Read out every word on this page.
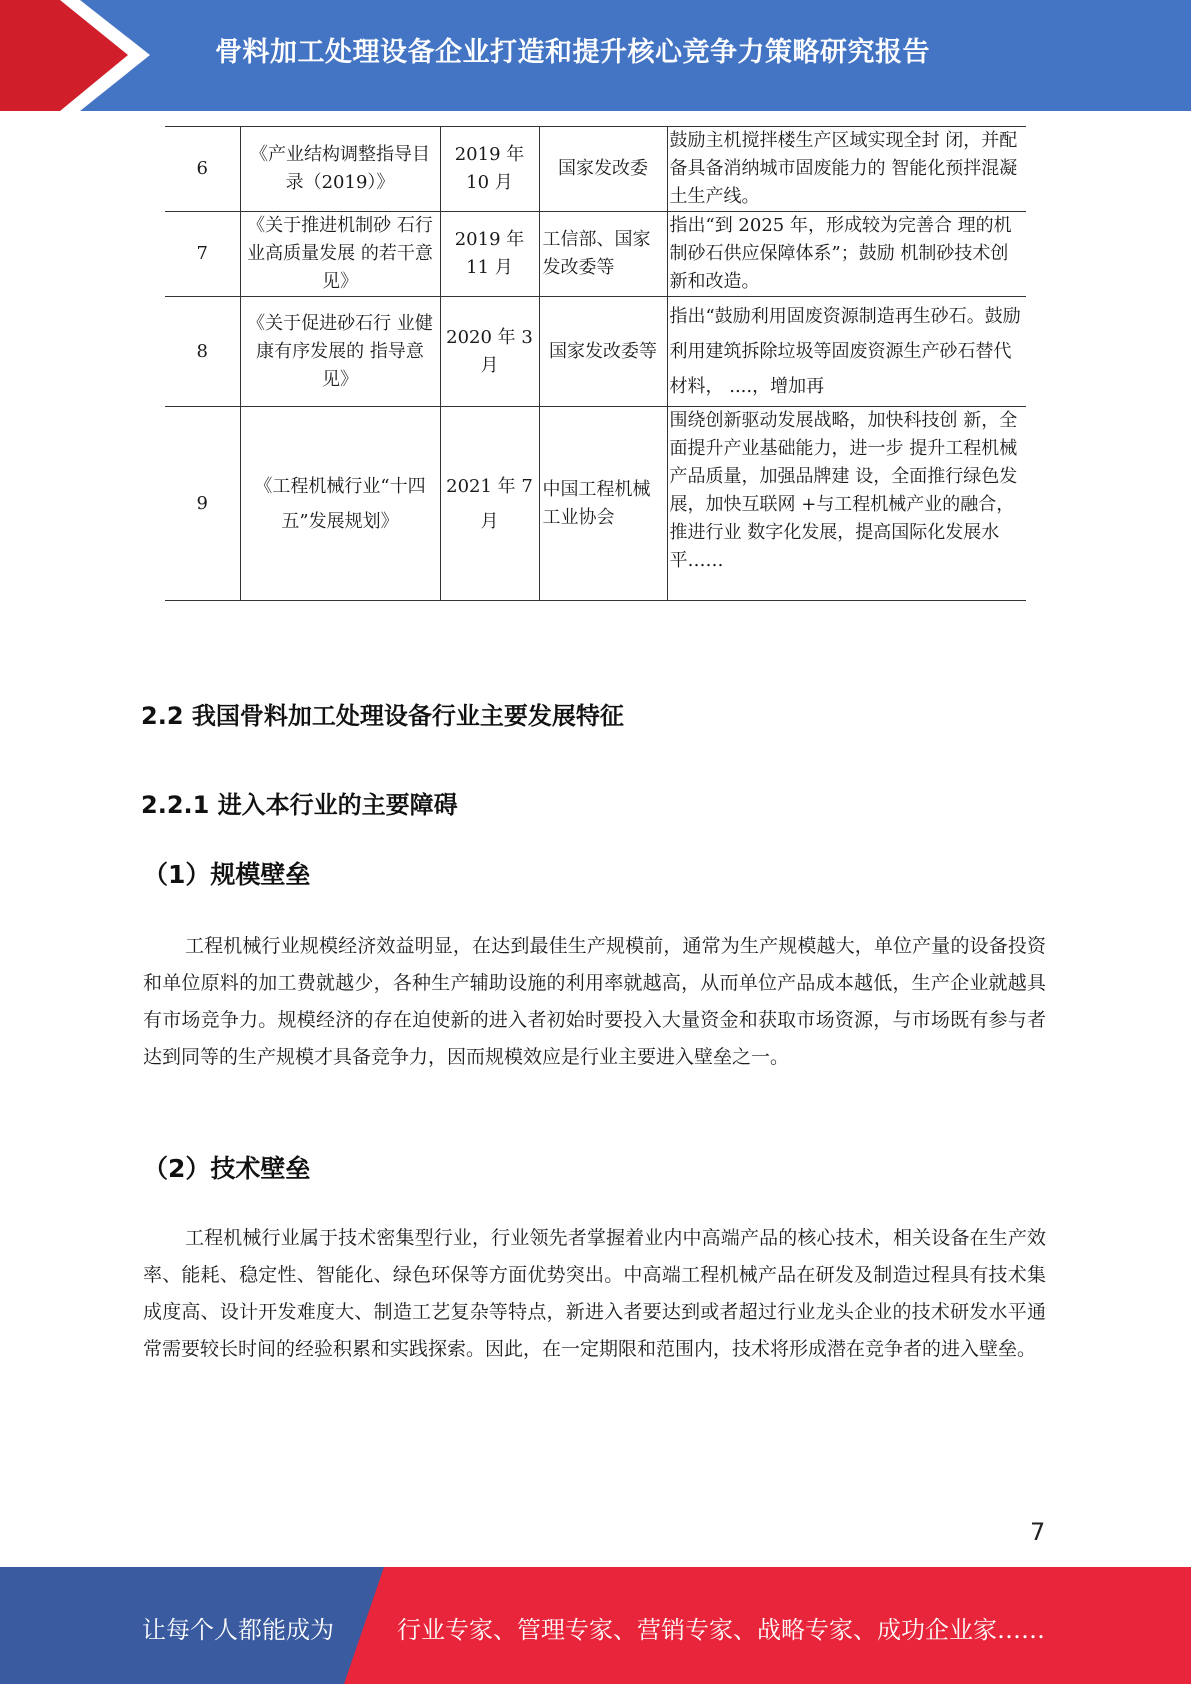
骨料加工处理设备企业打造和提升核心竞争力策略研究报告
6	《产业结构调整指导目录（2019）》	2019 年 10 月	国家发改委	鼓励主机搅拌楼生产区域实现全封 闭，并配备具备消纳城市固废能力的 智能化预拌混凝土生产线。
7	《关于推进机制砂 石行业高质量发展 的若干意见》	2019 年 11 月	工信部、国家发改委等	指出“到 2025 年，形成较为完善合 理的机制砂石供应保障体系”；鼓励 机制砂技术创新和改造。
8	《关于促进砂石行 业健康有序发展的 指导意见》	2020 年 3 月	国家发改委等	指出“鼓励利用固废资源制造再生砂石。鼓励利用建筑拆除垃圾等固废资源生产砂石替代材料， ....，增加再
9	《工程机械行业“十四五”发展规划》	2021 年 7 月	中国工程机械工业协会	围绕创新驱动发展战略，加快科技创 新，全面提升产业基础能力，进一步 提升工程机械产品质量，加强品牌建 设，全面推行绿色发展，加快互联网 +与工程机械产业的融合，推进行业 数字化发展，提高国际化发展水 平……
2.2 我国骨料加工处理设备行业主要发展特征
2.2.1 进入本行业的主要障碍
（1）规模壁垒

工程机械行业规模经济效益明显，在达到最佳生产规模前，通常为生产规模越大，单位产量的设备投资和单位原料的加工费就越少，各种生产辅助设施的利用率就越高，从而单位产品成本越低，生产企业就越具有市场竞争力。规模经济的存在迫使新的进入者初始时要投入大量资金和获取市场资源，与市场既有参与者达到同等的生产规模才具备竞争力，因而规模效应是行业主要进入壁垒之一。

（2）技术壁垒

工程机械行业属于技术密集型行业，行业领先者掌握着业内中高端产品的核心技术，相关设备在生产效率、能耗、稳定性、智能化、绿色环保等方面优势突出。中高端工程机械产品在研发及制造过程具有技术集成度高、设计开发难度大、制造工艺复杂等特点，新进入者要达到或者超过行业龙头企业的技术研发水平通常需要较长时间的经验积累和实践探索。因此，在一定期限和范围内，技术将形成潜在竞争者的进入壁垒。

7
让每个人都能成为	行业专家、管理专家、营销专家、战略专家、成功企业家……
